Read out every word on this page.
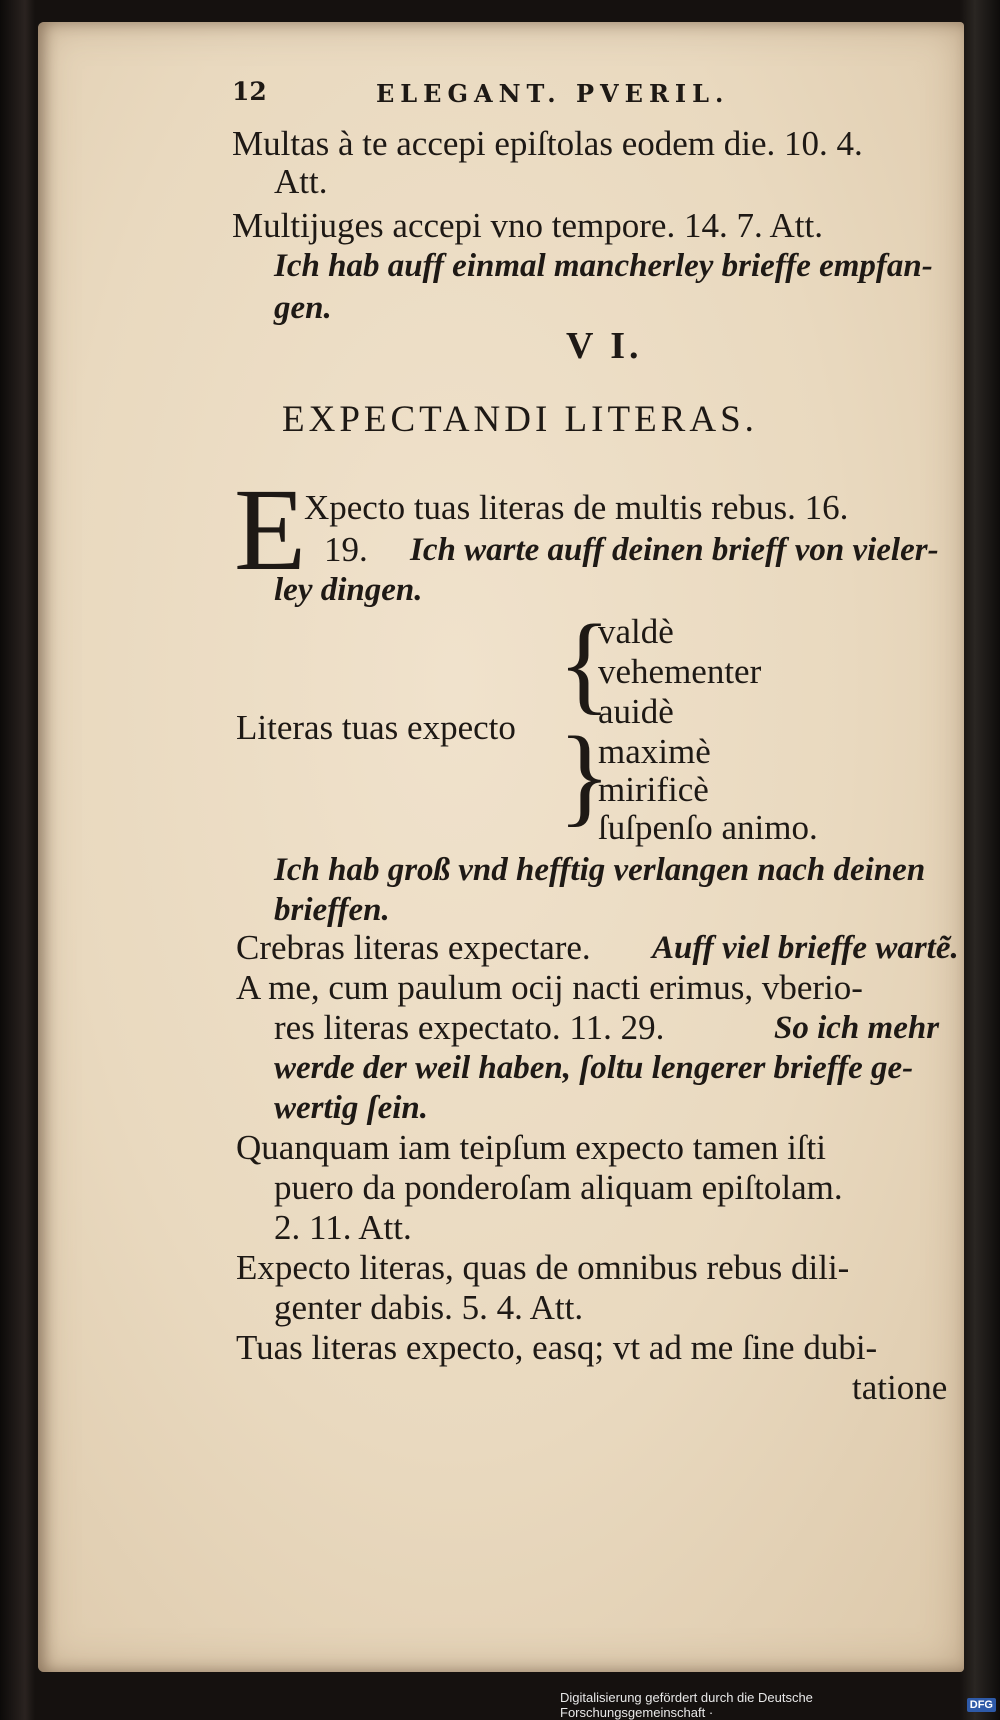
12	ELEGANT. PVERIL.
Multas à te accepi epiſtolas eodem die. 10. 4.
Att.
Multijuges accepi vno tempore. 14. 7. Att.
Ich hab auff einmal mancherley brieffe empfan-
gen.
V I.
EXPECTANDI LITERAS.
E
Xpecto tuas literas de multis rebus. 16.
19. Ich warte auff deinen brieff von vieler-
ley dingen.
Literas tuas expecto
{
{
valdè
vehementer
auidè
maximè
mirificè
ſuſpenſo animo.
Ich hab groß vnd hefftig verlangen nach deinen
brieffen.
Crebras literas expectare. Auff viel brieffe wartẽ.
A me, cum paulum ocij nacti erimus, vberio-
res literas expectato. 11. 29.	So ich mehr
werde der weil haben, ſoltu lengerer brieffe ge-
wertig ſein.
Quanquam iam teipſum expecto tamen iſti
puero da ponderoſam aliquam epiſtolam.
2. 11. Att.
Expecto literas, quas de omnibus rebus dili-
genter dabis. 5. 4. Att.
Tuas literas expecto, easq; vt ad me ſine dubi-
tatione
Digitalisierung gefördert durch die Deutsche Forschungsgemeinschaft ·	DFG
